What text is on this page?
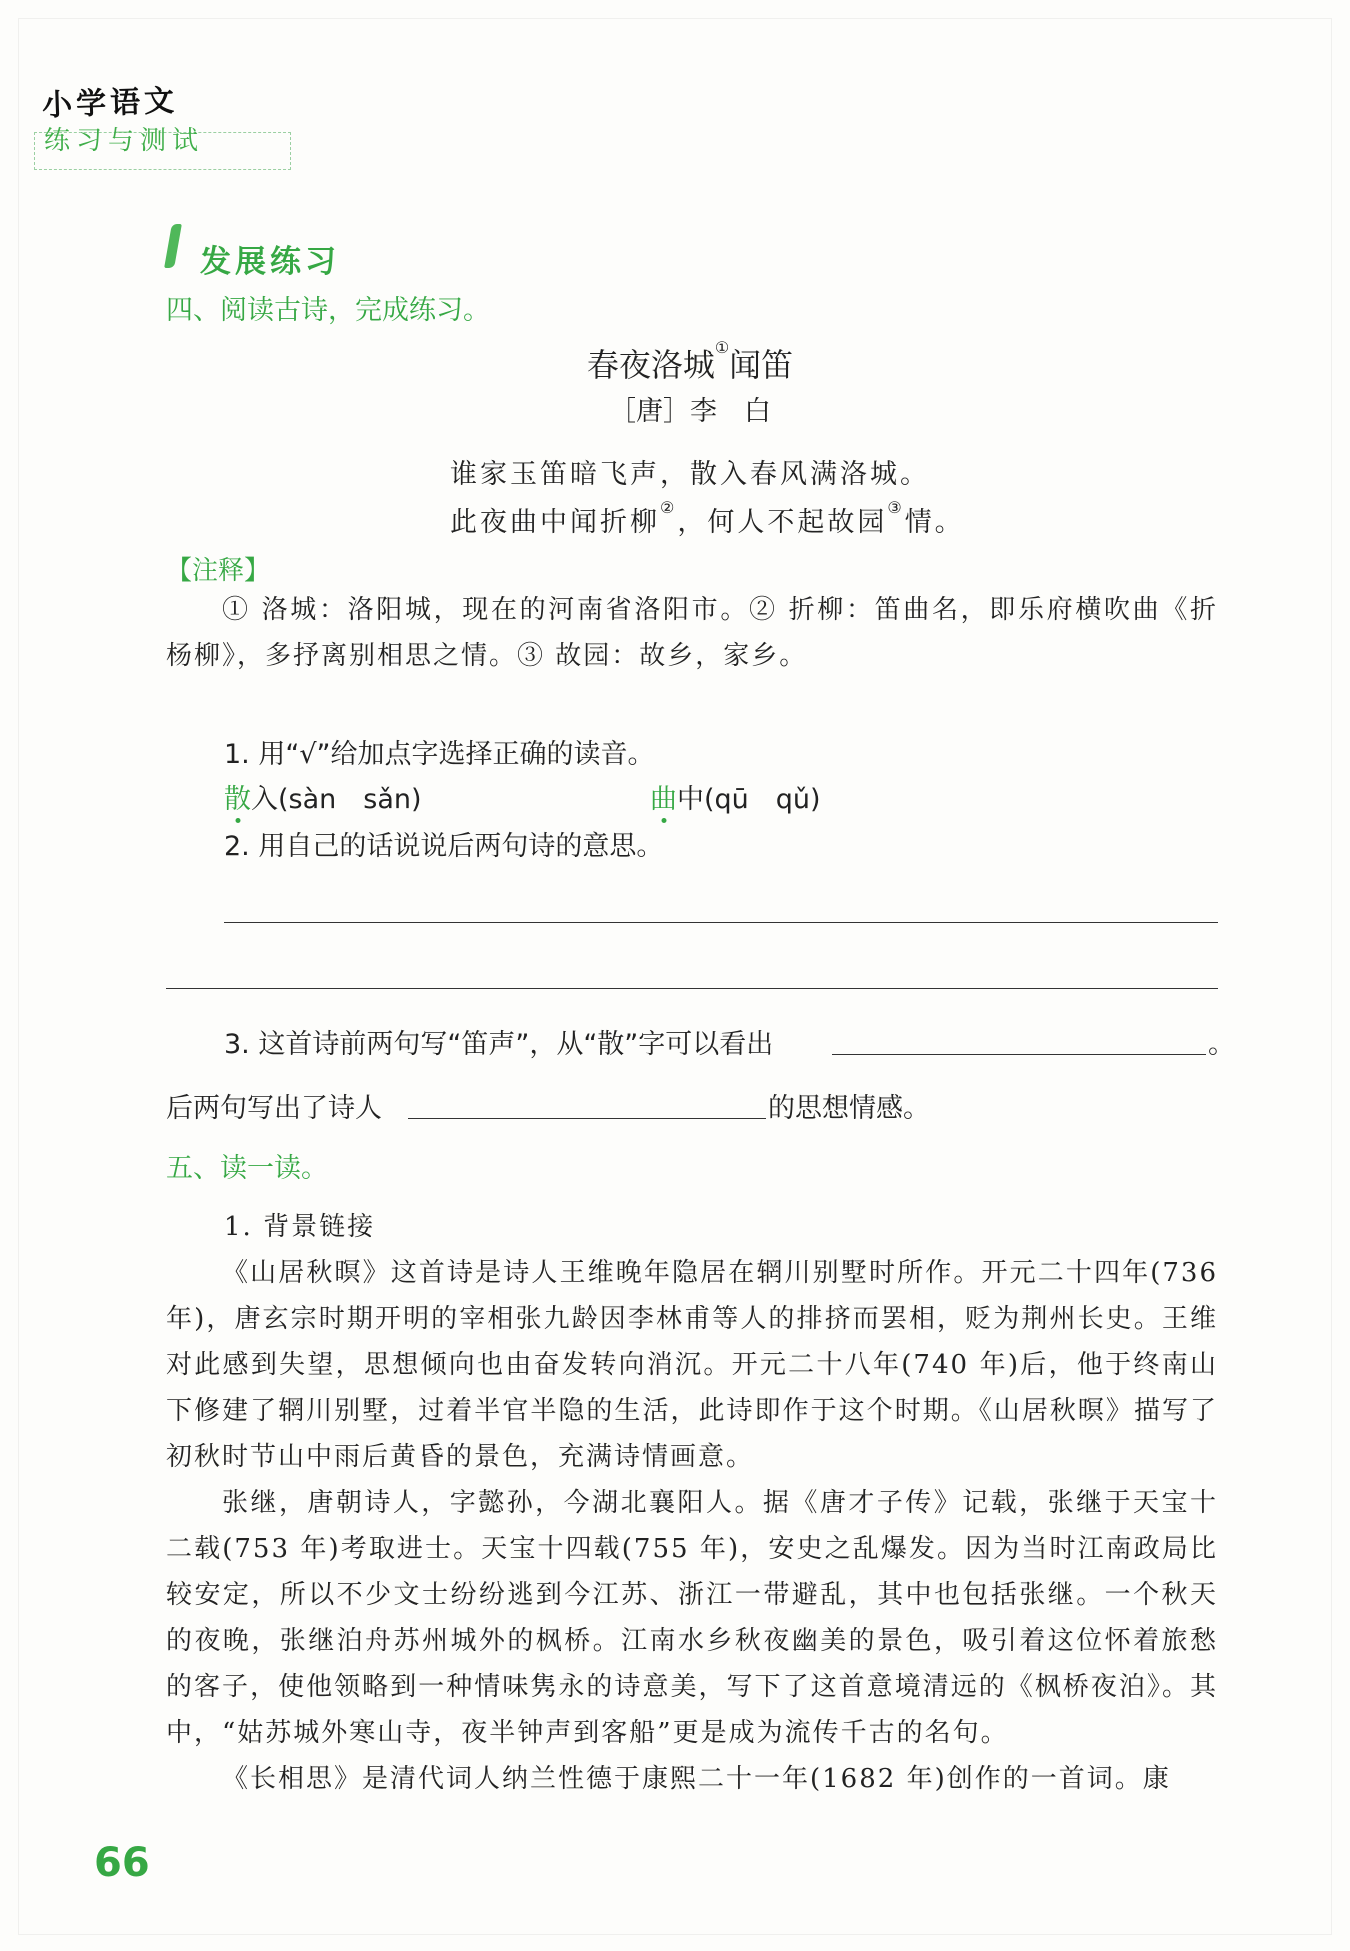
小学语文
练习与测试
发展练习
四、阅读古诗，完成练习。
春夜洛城①闻笛
［唐］李　白
谁家玉笛暗飞声，散入春风满洛城。
此夜曲中闻折柳②，何人不起故园③情。
【注释】
① 洛城：洛阳城，现在的河南省洛阳市。② 折柳：笛曲名，即乐府横吹曲《折杨柳》，多抒离别相思之情。③ 故园：故乡，家乡。
1. 用“√”给加点字选择正确的读音。
散入(sàn　sǎn)	曲中(qū　qǔ)
2. 用自己的话说说后两句诗的意思。
3. 这首诗前两句写“笛声”，从“散”字可以看出	。
后两句写出了诗人	的思想情感。
五、读一读。
1. 背景链接
《山居秋暝》这首诗是诗人王维晚年隐居在辋川别墅时所作。开元二十四年(736 年)，唐玄宗时期开明的宰相张九龄因李林甫等人的排挤而罢相，贬为荆州长史。王维对此感到失望，思想倾向也由奋发转向消沉。开元二十八年(740 年)后，他于终南山下修建了辋川别墅，过着半官半隐的生活，此诗即作于这个时期。《山居秋暝》描写了初秋时节山中雨后黄昏的景色，充满诗情画意。
张继，唐朝诗人，字懿孙，今湖北襄阳人。据《唐才子传》记载，张继于天宝十二载(753 年)考取进士。天宝十四载(755 年)，安史之乱爆发。因为当时江南政局比较安定，所以不少文士纷纷逃到今江苏、浙江一带避乱，其中也包括张继。一个秋天的夜晚，张继泊舟苏州城外的枫桥。江南水乡秋夜幽美的景色，吸引着这位怀着旅愁的客子，使他领略到一种情味隽永的诗意美，写下了这首意境清远的《枫桥夜泊》。其中，“姑苏城外寒山寺，夜半钟声到客船”更是成为流传千古的名句。
《长相思》是清代词人纳兰性德于康熙二十一年(1682 年)创作的一首词。康
66
